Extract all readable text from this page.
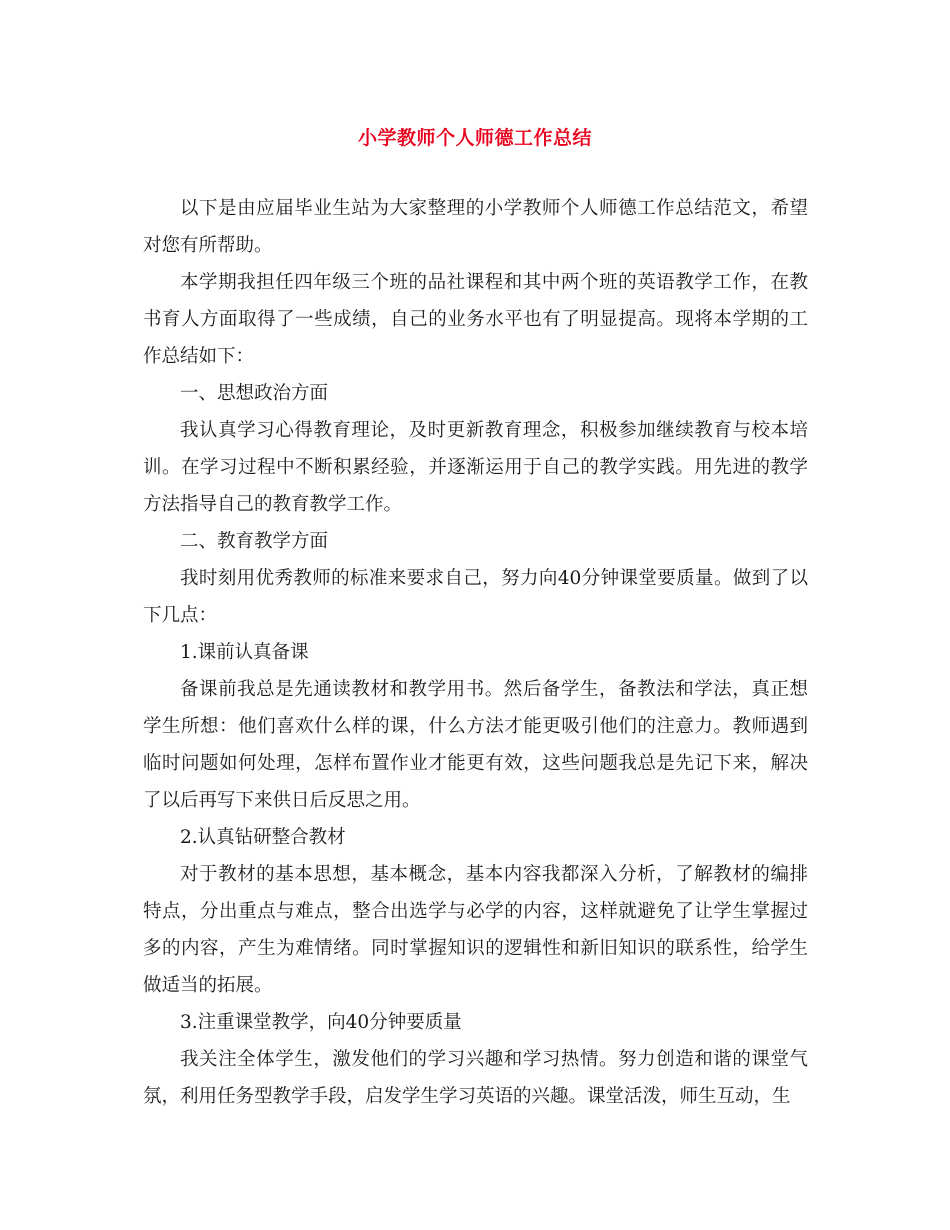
小学教师个人师德工作总结

以下是由应届毕业生站为大家整理的小学教师个人师德工作总结范文，希望对您有所帮助。

本学期我担任四年级三个班的品社课程和其中两个班的英语教学工作，在教书育人方面取得了一些成绩，自己的业务水平也有了明显提高。现将本学期的工作总结如下：

一、思想政治方面

我认真学习心得教育理论，及时更新教育理念，积极参加继续教育与校本培训。在学习过程中不断积累经验，并逐渐运用于自己的教学实践。用先进的教学方法指导自己的教育教学工作。

二、教育教学方面

我时刻用优秀教师的标准来要求自己，努力向40分钟课堂要质量。做到了以下几点：

1.课前认真备课

备课前我总是先通读教材和教学用书。然后备学生，备教法和学法，真正想学生所想：他们喜欢什么样的课，什么方法才能更吸引他们的注意力。教师遇到临时问题如何处理，怎样布置作业才能更有效，这些问题我总是先记下来，解决了以后再写下来供日后反思之用。

2.认真钻研整合教材

对于教材的基本思想，基本概念，基本内容我都深入分析，了解教材的编排特点，分出重点与难点，整合出选学与必学的内容，这样就避免了让学生掌握过多的内容，产生为难情绪。同时掌握知识的逻辑性和新旧知识的联系性，给学生做适当的拓展。

3.注重课堂教学，向40分钟要质量

我关注全体学生，激发他们的学习兴趣和学习热情。努力创造和谐的课堂气氛，利用任务型教学手段，启发学生学习英语的兴趣。课堂活泼，师生互动，生
